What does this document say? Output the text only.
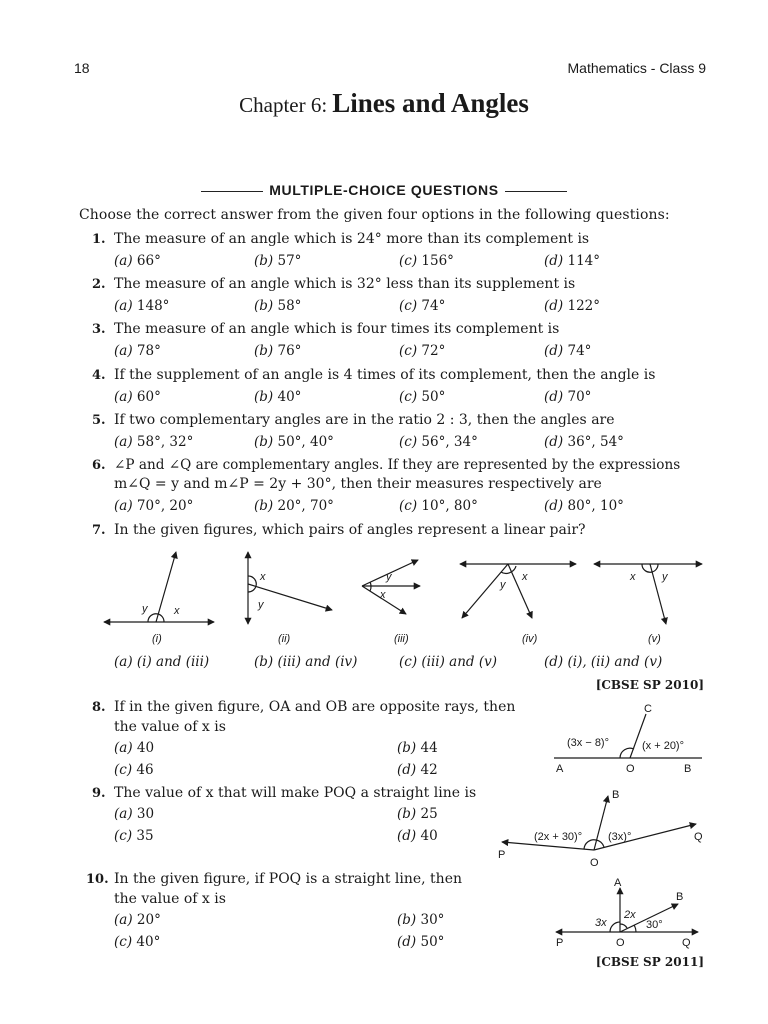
18	Mathematics - Class 9
Chapter 6: Lines and Angles
MULTIPLE-CHOICE QUESTIONS
Choose the correct answer from the given four options in the following questions:
1. The measure of an angle which is 24° more than its complement is
(a) 66°	(b) 57°	(c) 156°	(d) 114°
2. The measure of an angle which is 32° less than its supplement is
(a) 148°	(b) 58°	(c) 74°	(d) 122°
3. The measure of an angle which is four times its complement is
(a) 78°	(b) 76°	(c) 72°	(d) 74°
4. If the supplement of an angle is 4 times of its complement, then the angle is
(a) 60°	(b) 40°	(c) 50°	(d) 70°
5. If two complementary angles are in the ratio 2 : 3, then the angles are
(a) 58°, 32°	(b) 50°, 40°	(c) 56°, 34°	(d) 36°, 54°
6. ∠P and ∠Q are complementary angles. If they are represented by the expressions
m∠Q = y and m∠P = 2y + 30°, then their measures respectively are
(a) 70°, 20°	(b) 20°, 70°	(c) 10°, 80°	(d) 80°, 10°
7. In the given figures, which pairs of angles represent a linear pair?
y x
x
y
y
x
y
x	x y
(i)	(ii)	(iii)	(iv)	(v)
(a) (i) and (iii)	(b) (iii) and (iv)	(c) (iii) and (v)	(d) (i), (ii) and (v)
[CBSE SP 2010]
8. If in the given figure, OA and OB are opposite rays, then
the value of x is
(a) 40	(b) 44
(c) 46	(d) 42
C
(3x − 8)°	(x + 20)°
A	O	B
9. The value of x that will make POQ a straight line is
(a) 30	(b) 25
(c) 35	(d) 40
B
(2x + 30)° (3x)°
P
O
Q
10. In the given figure, if POQ is a straight line, then
the value of x is
(a) 20°	(b) 30°
(c) 40°	(d) 50°
A
B
3x
2x
30°
P	O	Q
[CBSE SP 2011]
